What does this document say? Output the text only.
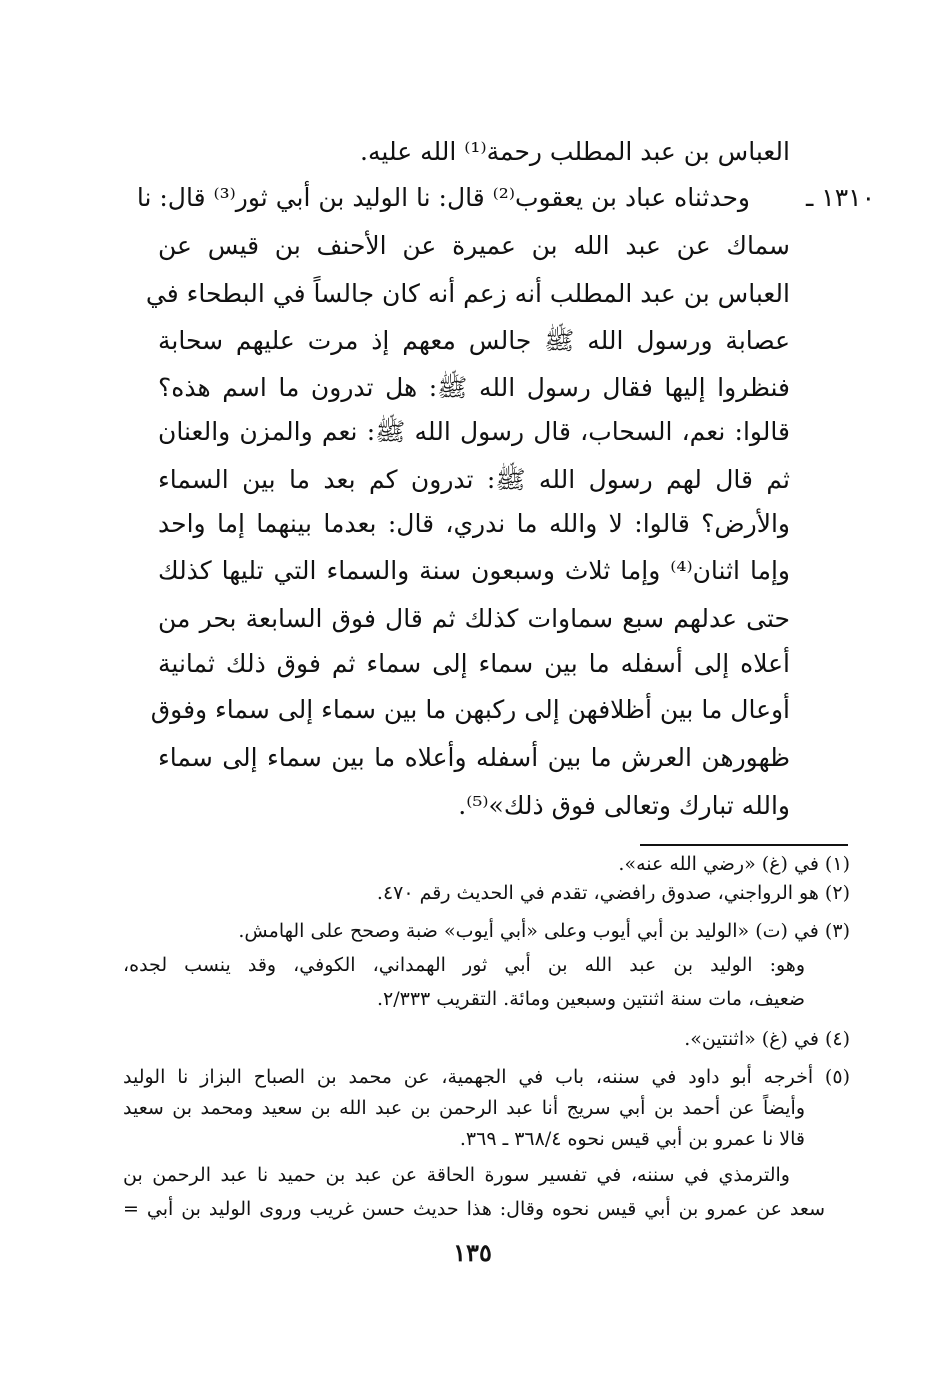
العباس بن عبد المطلب رحمة⁽¹⁾ الله عليه.
١٣١٠ ـ
وحدثناه عباد بن يعقوب⁽²⁾ قال: نا الوليد بن أبي ثور⁽³⁾ قال: نا
سماك عن عبد الله بن عميرة عن الأحنف بن قيس عن
العباس بن عبد المطلب أنه زعم أنه كان جالساً في البطحاء في
عصابة ورسول الله ﷺ جالس معهم إذ مرت عليهم سحابة
فنظروا إليها فقال رسول الله ﷺ: هل تدرون ما اسم هذه؟
قالوا: نعم، السحاب، قال رسول الله ﷺ: نعم والمزن والعنان
ثم قال لهم رسول الله ﷺ: تدرون كم بعد ما بين السماء
والأرض؟ قالوا: لا والله ما ندري، قال: بعدما بينهما إما واحد
وإما اثنان⁽⁴⁾ وإما ثلاث وسبعون سنة والسماء التي تليها كذلك
حتى عدلهم سبع سماوات كذلك ثم قال فوق السابعة بحر من
أعلاه إلى أسفله ما بين سماء إلى سماء ثم فوق ذلك ثمانية
أوعال ما بين أظلافهن إلى ركبهن ما بين سماء إلى سماء وفوق
ظهورهن العرش ما بين أسفله وأعلاه ما بين سماء إلى سماء
والله تبارك وتعالى فوق ذلك»⁽⁵⁾.
(١) في (غ) «رضي الله عنه».
(٢) هو الرواجني، صدوق رافضي، تقدم في الحديث رقم ٤٧٠.
(٣) في (ت) «الوليد بن أبي أيوب وعلى «أبي أيوب» ضبة وصحح على الهامش.
وهو: الوليد بن عبد الله بن أبي ثور الهمداني، الكوفي، وقد ينسب لجده،
ضعيف، مات سنة اثنتين وسبعين ومائة. التقريب ٢/٣٣٣.
(٤) في (غ) «اثنتين».
(٥) أخرجه أبو داود في سننه، باب في الجهمية، عن محمد بن الصباح البزاز نا الوليد
وأيضاً عن أحمد بن أبي سريج أنا عبد الرحمن بن عبد الله بن سعيد ومحمد بن سعيد
قالا نا عمرو بن أبي قيس نحوه ٣٦٨/٤ ـ ٣٦٩.
والترمذي في سننه، في تفسير سورة الحاقة عن عبد بن حميد نا عبد الرحمن بن
سعد عن عمرو بن أبي قيس نحوه وقال: هذا حديث حسن غريب وروى الوليد بن أبي =
١٣٥
